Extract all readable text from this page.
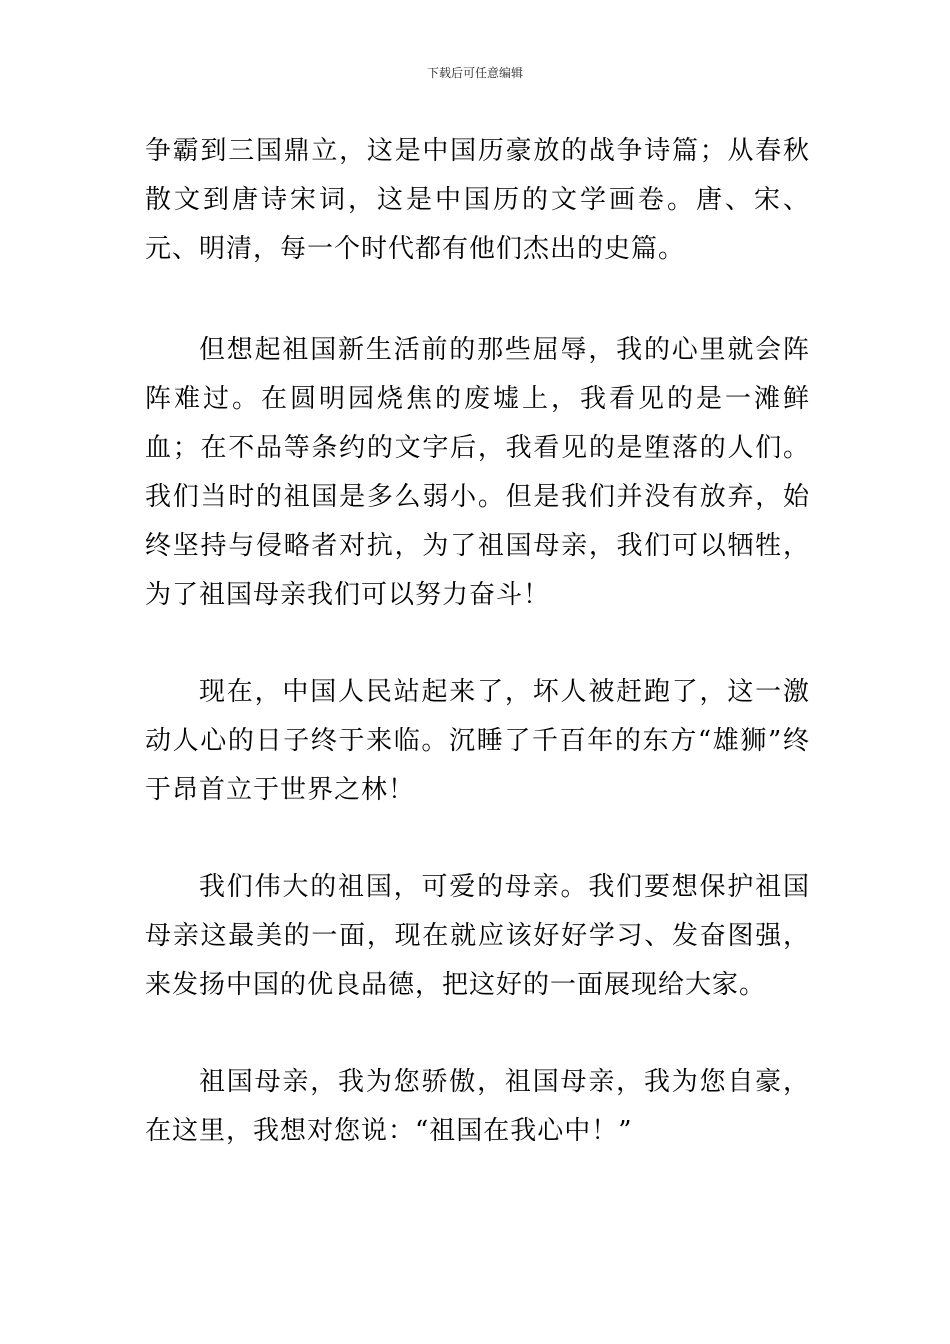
下载后可任意编辑

争霸到三国鼎立，这是中国历豪放的战争诗篇；从春秋散文到唐诗宋词，这是中国历的文学画卷。唐、宋、元、明清，每一个时代都有他们杰出的史篇。

但想起祖国新生活前的那些屈辱，我的心里就会阵阵难过。在圆明园烧焦的废墟上，我看见的是一滩鲜血；在不品等条约的文字后，我看见的是堕落的人们。我们当时的祖国是多么弱小。但是我们并没有放弃，始终坚持与侵略者对抗，为了祖国母亲，我们可以牺牲，为了祖国母亲我们可以努力奋斗！

现在，中国人民站起来了，坏人被赶跑了，这一激动人心的日子终于来临。沉睡了千百年的东方“雄狮”终于昂首立于世界之林！

我们伟大的祖国，可爱的母亲。我们要想保护祖国母亲这最美的一面，现在就应该好好学习、发奋图强，来发扬中国的优良品德，把这好的一面展现给大家。

祖国母亲，我为您骄傲，祖国母亲，我为您自豪，在这里，我想对您说：“祖国在我心中！”
